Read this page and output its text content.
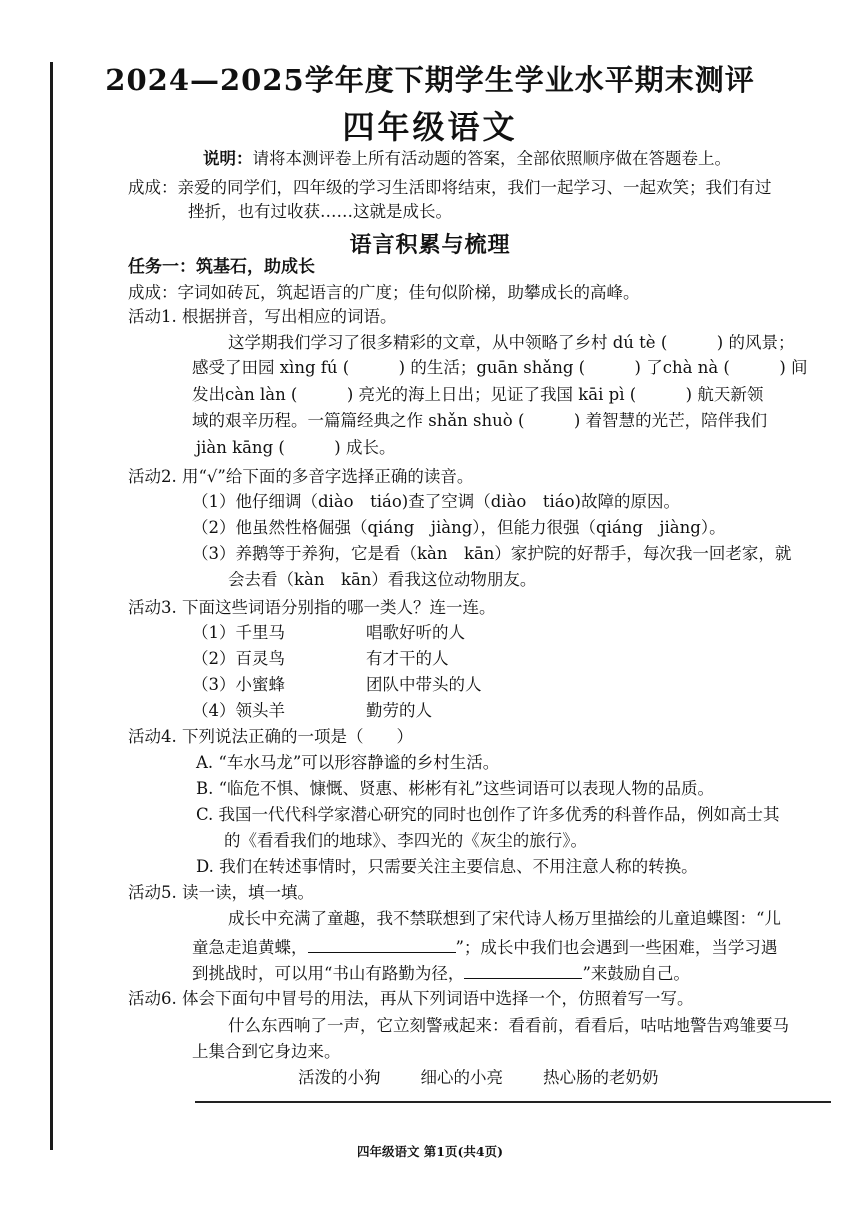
2024—2025学年度下期学生学业水平期末测评
四年级语文
说明：请将本测评卷上所有活动题的答案，全部依照顺序做在答题卷上。
成成：亲爱的同学们，四年级的学习生活即将结束，我们一起学习、一起欢笑；我们有过
挫折，也有过收获……这就是成长。
语言积累与梳理
任务一：筑基石，助成长
成成：字词如砖瓦，筑起语言的广度；佳句似阶梯，助攀成长的高峰。
活动1. 根据拼音，写出相应的词语。
这学期我们学习了很多精彩的文章，从中领略了乡村 dú tè (　　　) 的风景；
感受了田园 xìng fú (　　　) 的生活；guān shǎng (　　　) 了chà nà (　　　) 间
发出càn làn (　　　) 亮光的海上日出；见证了我国 kāi pì (　　　) 航天新领
域的艰辛历程。一篇篇经典之作 shǎn shuò (　　　) 着智慧的光芒，陪伴我们
jiàn kāng (　　　) 成长。
活动2. 用“√”给下面的多音字选择正确的读音。
（1）他仔细调（diào　tiáo)查了空调（diào　tiáo)故障的原因。
（2）他虽然性格倔强（qiáng　jiàng），但能力很强（qiáng　jiàng）。
（3）养鹅等于养狗，它是看（kàn　kān）家护院的好帮手，每次我一回老家，就
会去看（kàn　kān）看我这位动物朋友。
活动3. 下面这些词语分别指的哪一类人？连一连。
（1）千里马	唱歌好听的人
（2）百灵鸟	有才干的人
（3）小蜜蜂	团队中带头的人
（4）领头羊	勤劳的人
活动4. 下列说法正确的一项是（　　）
A. “车水马龙”可以形容静谧的乡村生活。
B. “临危不惧、慷慨、贤惠、彬彬有礼”这些词语可以表现人物的品质。
C. 我国一代代科学家潜心研究的同时也创作了许多优秀的科普作品，例如高士其
的《看看我们的地球》、李四光的《灰尘的旅行》。
D. 我们在转述事情时，只需要关注主要信息、不用注意人称的转换。
活动5. 读一读，填一填。
成长中充满了童趣，我不禁联想到了宋代诗人杨万里描绘的儿童追蝶图：“儿
童急走追黄蝶，	”；成长中我们也会遇到一些困难，当学习遇
到挑战时，可以用“书山有路勤为径，	”来鼓励自己。
活动6. 体会下面句中冒号的用法，再从下列词语中选择一个，仿照着写一写。
什么东西响了一声，它立刻警戒起来：看看前，看看后，咕咕地警告鸡雏要马
上集合到它身边来。
活泼的小狗 细心的小亮 热心肠的老奶奶
四年级语文 第1页(共4页)
